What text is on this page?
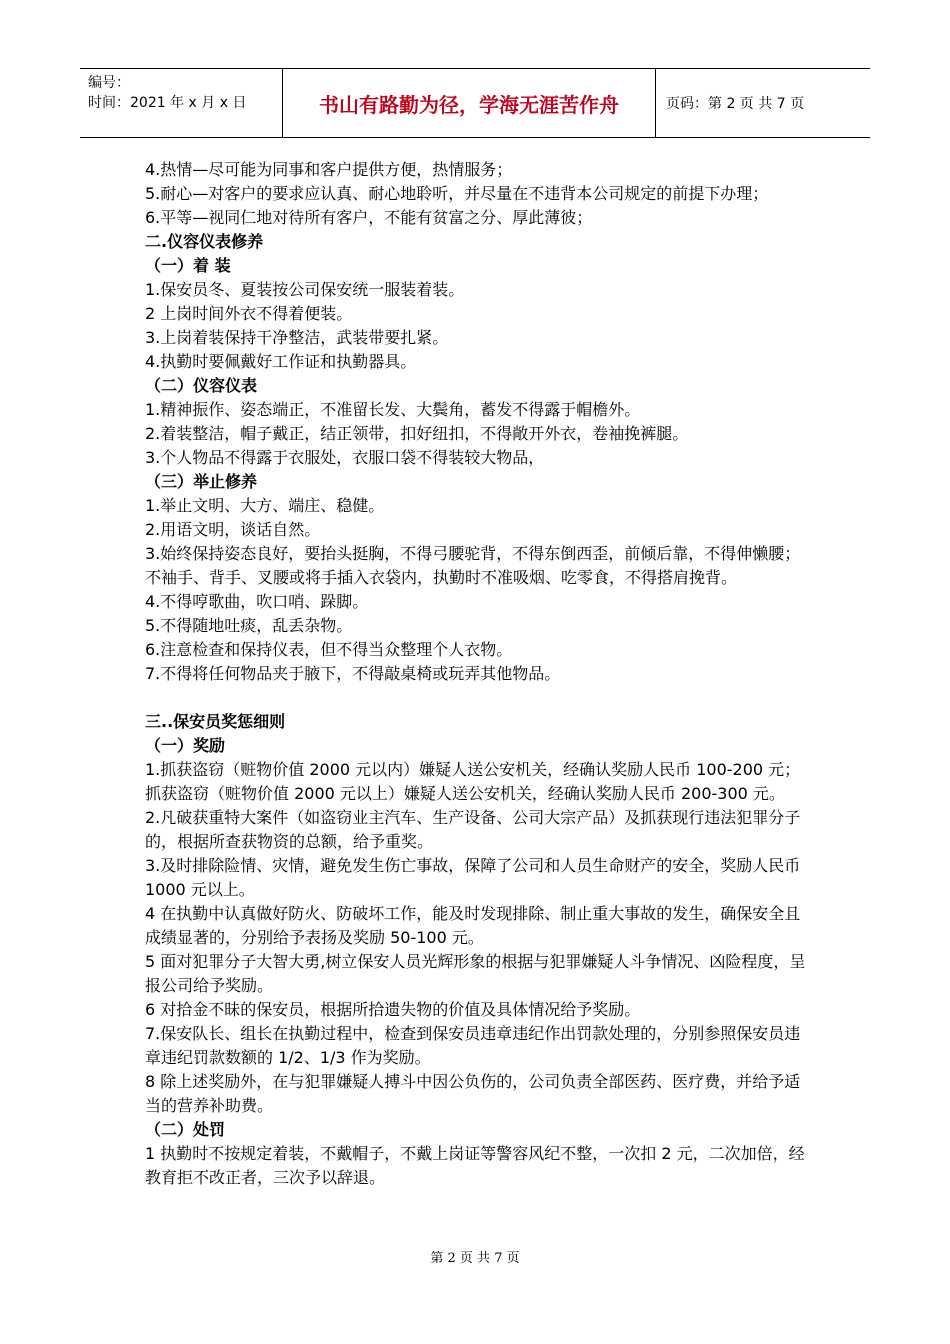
编号：
时间：2021 年 x 月 x 日	书山有路勤为径，学海无涯苦作舟	页码：第 2 页 共 7 页

4.热情—尽可能为同事和客户提供方便，热情服务；

5.耐心—对客户的要求应认真、耐心地聆听，并尽量在不违背本公司规定的前提下办理；

6.平等—视同仁地对待所有客户，不能有贫富之分、厚此薄彼；

二.仪容仪表修养

（一）着 装

1.保安员冬、夏装按公司保安统一服装着装。

2 上岗时间外衣不得着便装。

3.上岗着装保持干净整洁，武装带要扎紧。

4.执勤时要佩戴好工作证和执勤器具。

（二）仪容仪表

1.精神振作、姿态端正，不准留长发、大鬓角，蓄发不得露于帽檐外。

2.着装整洁，帽子戴正，结正领带，扣好纽扣，不得敞开外衣，卷袖挽裤腿。

3.个人物品不得露于衣服处，衣服口袋不得装较大物品，

（三）举止修养

1.举止文明、大方、端庄、稳健。

2.用语文明，谈话自然。

3.始终保持姿态良好，要抬头挺胸，不得弓腰驼背，不得东倒西歪，前倾后靠，不得伸懒腰；不袖手、背手、叉腰或将手插入衣袋内，执勤时不准吸烟、吃零食，不得搭肩挽背。

4.不得哼歌曲，吹口哨、跺脚。

5.不得随地吐痰，乱丢杂物。

6.注意检查和保持仪表，但不得当众整理个人衣物。

7.不得将任何物品夹于腋下，不得敲桌椅或玩弄其他物品。

三..保安员奖惩细则

（一）奖励

1.抓获盗窃（赃物价值 2000 元以内）嫌疑人送公安机关，经确认奖励人民币 100-200 元；抓获盗窃（赃物价值 2000 元以上）嫌疑人送公安机关，经确认奖励人民币 200-300 元。

2.凡破获重特大案件（如盗窃业主汽车、生产设备、公司大宗产品）及抓获现行违法犯罪分子的，根据所查获物资的总额，给予重奖。

3.及时排除险情、灾情，避免发生伤亡事故，保障了公司和人员生命财产的安全，奖励人民币 1000 元以上。

4 在执勤中认真做好防火、防破坏工作，能及时发现排除、制止重大事故的发生，确保安全且成绩显著的，分别给予表扬及奖励 50-100 元。

5 面对犯罪分子大智大勇,树立保安人员光辉形象的根据与犯罪嫌疑人斗争情况、凶险程度，呈报公司给予奖励。

6 对拾金不昧的保安员，根据所拾遗失物的价值及具体情况给予奖励。

7.保安队长、组长在执勤过程中，检查到保安员违章违纪作出罚款处理的，分别参照保安员违章违纪罚款数额的 1/2、1/3 作为奖励。

8 除上述奖励外，在与犯罪嫌疑人搏斗中因公负伤的，公司负责全部医药、医疗费，并给予适当的营养补助费。

（二）处罚

1 执勤时不按规定着装，不戴帽子，不戴上岗证等警容风纪不整，一次扣 2 元，二次加倍，经教育拒不改正者，三次予以辞退。

第 2 页 共 7 页
